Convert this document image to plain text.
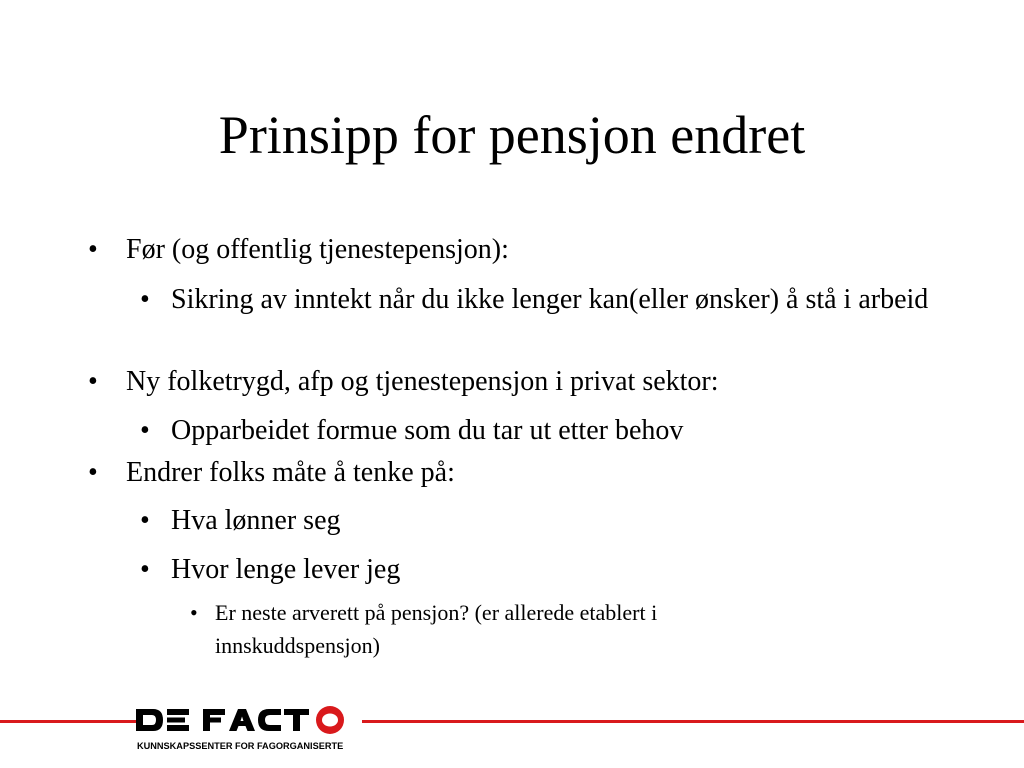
Prinsipp for pensjon endret
•	Før (og offentlig tjenestepensjon):
• Sikring av inntekt når du ikke lenger kan(eller ønsker) å stå i arbeid
•	Ny folketrygd, afp og tjenestepensjon i privat sektor:
• Opparbeidet formue som du tar ut etter behov
•	Endrer folks måte å tenke på:
• Hva lønner seg
• Hvor lenge lever jeg
• Er neste arverett på pensjon? (er allerede etablert i innskuddspensjon)
KUNNSKAPSSENTER FOR FAGORGANISERTE
